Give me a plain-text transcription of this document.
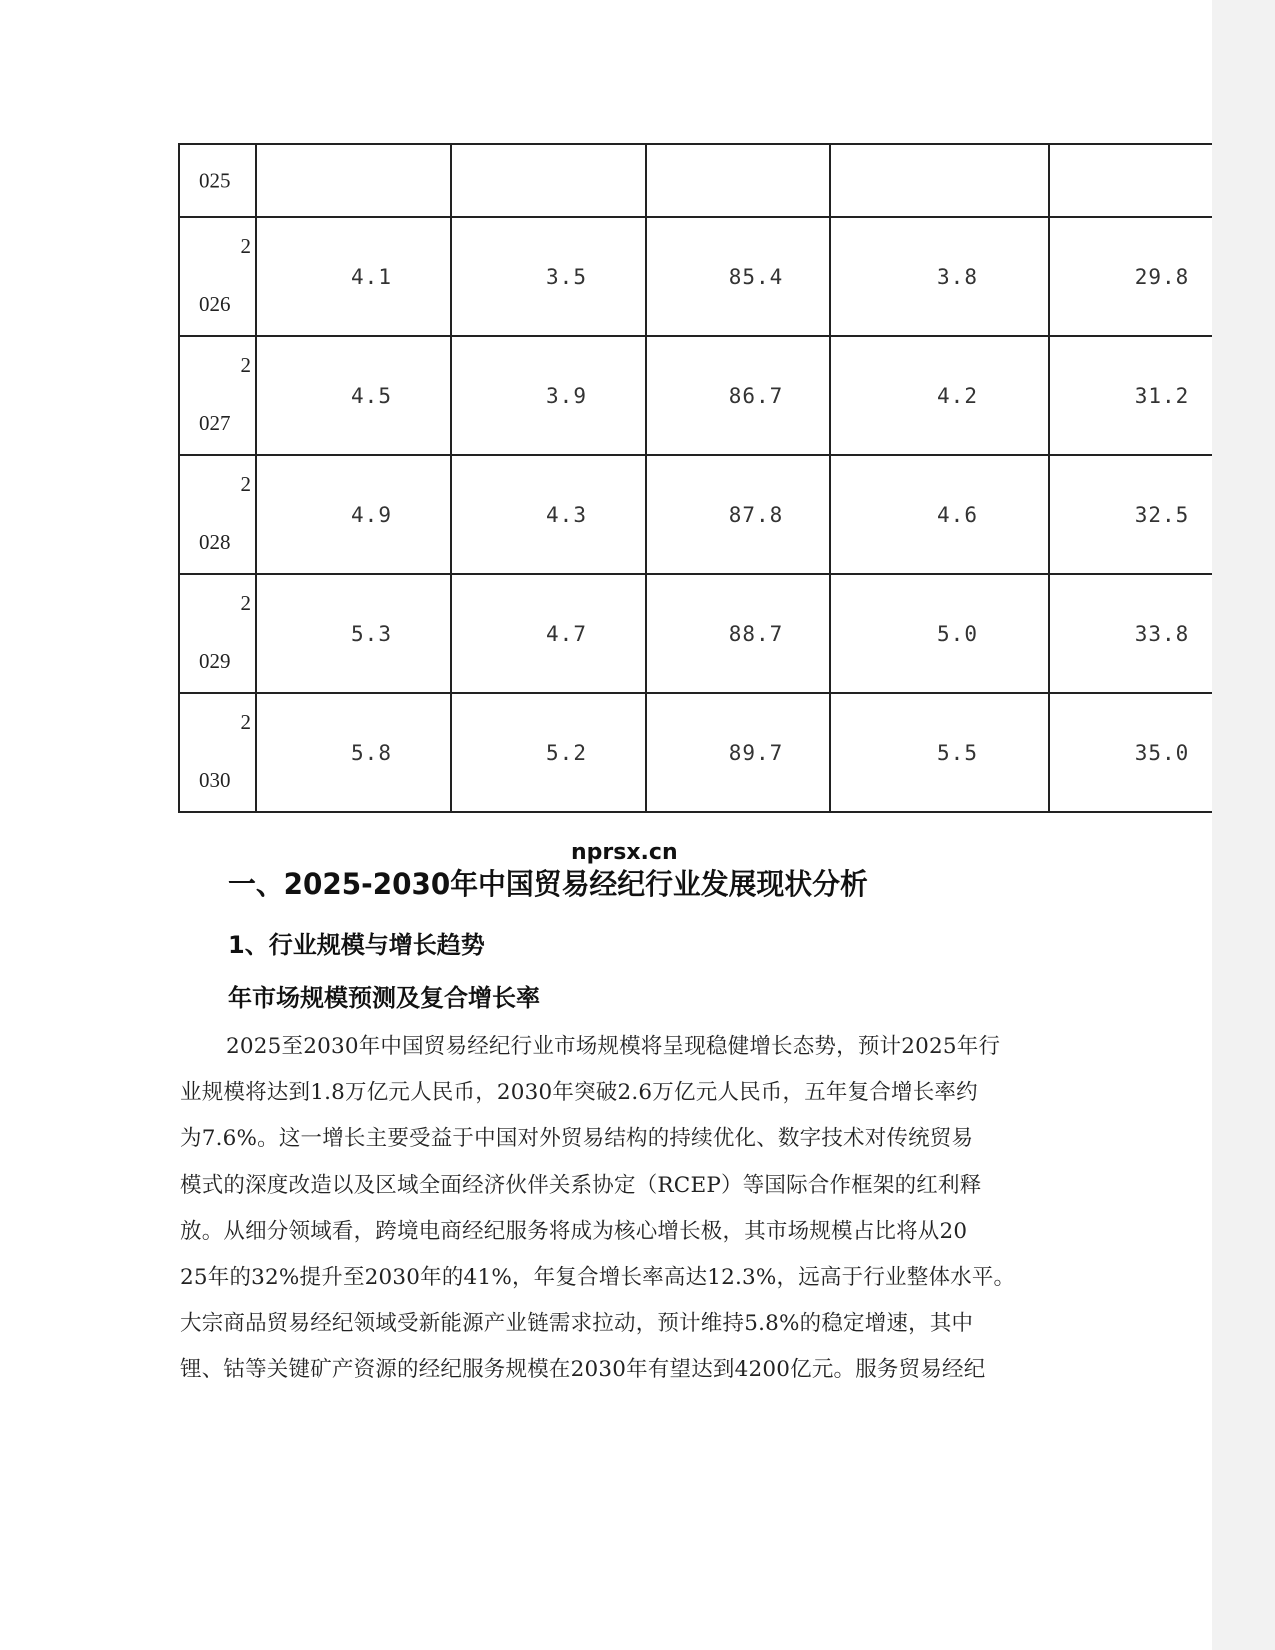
025					

2
026	4.1	3.5	85.4	3.8	29.8

2
027	4.5	3.9	86.7	4.2	31.2

2
028	4.9	4.3	87.8	4.6	32.5

2
029	5.3	4.7	88.7	5.0	33.8

2
030	5.8	5.2	89.7	5.5	35.0
nprsx.cn
一、2025-2030年中国贸易经纪行业发展现状分析
1、行业规模与增长趋势
年市场规模预测及复合增长率
2025至2030年中国贸易经纪行业市场规模将呈现稳健增长态势，预计2025年行
业规模将达到1.8万亿元人民币，2030年突破2.6万亿元人民币，五年复合增长率约
为7.6%。这一增长主要受益于中国对外贸易结构的持续优化、数字技术对传统贸易
模式的深度改造以及区域全面经济伙伴关系协定（RCEP）等国际合作框架的红利释
放。从细分领域看，跨境电商经纪服务将成为核心增长极，其市场规模占比将从20
25年的32%提升至2030年的41%，年复合增长率高达12.3%，远高于行业整体水平。
大宗商品贸易经纪领域受新能源产业链需求拉动，预计维持5.8%的稳定增速，其中
锂、钴等关键矿产资源的经纪服务规模在2030年有望达到4200亿元。服务贸易经纪
